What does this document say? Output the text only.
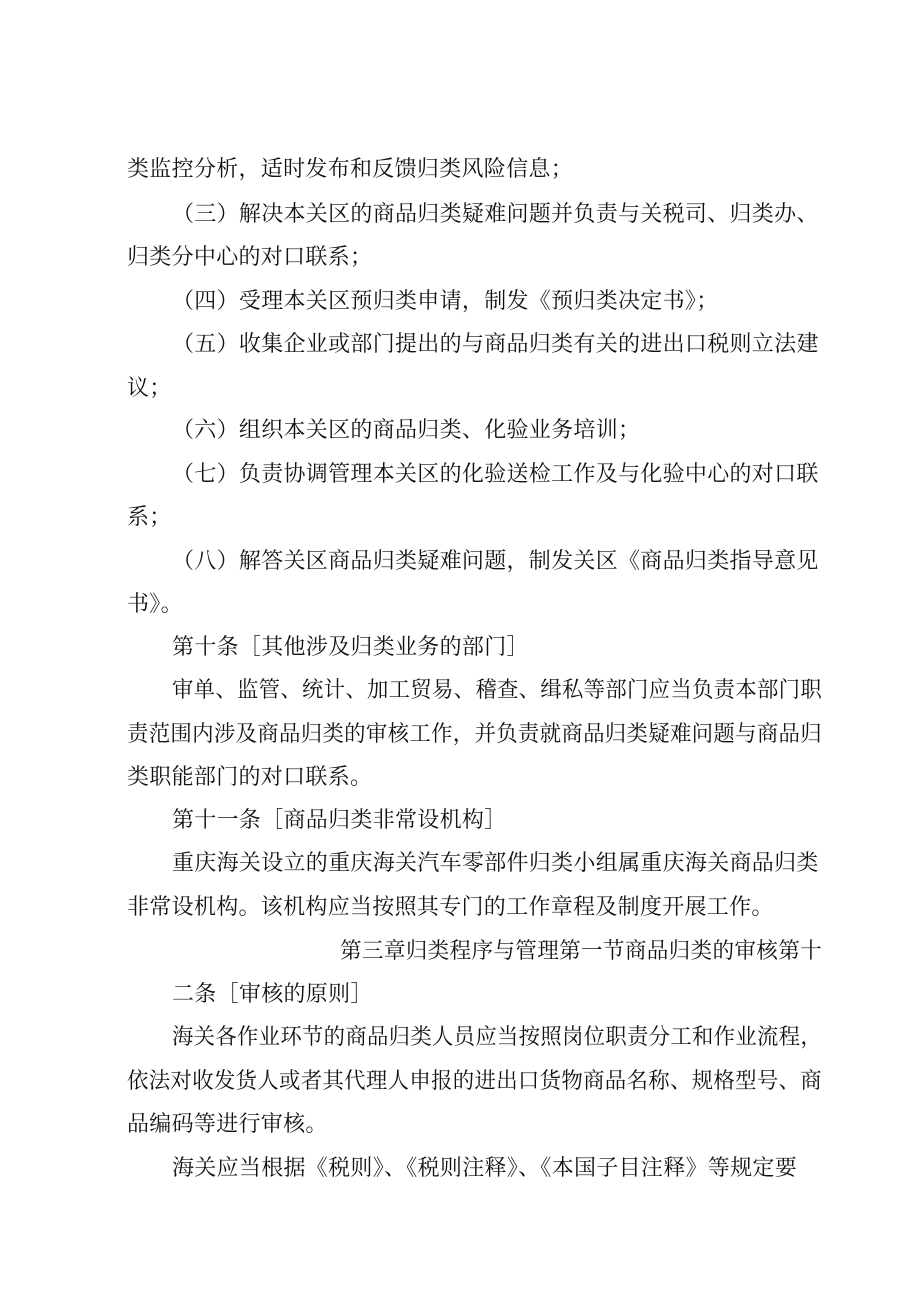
类监控分析，适时发布和反馈归类风险信息；
（三）解决本关区的商品归类疑难问题并负责与关税司、归类办、
归类分中心的对口联系；
（四）受理本关区预归类申请，制发《预归类决定书》；
（五）收集企业或部门提出的与商品归类有关的进出口税则立法建
议；
（六）组织本关区的商品归类、化验业务培训；
（七）负责协调管理本关区的化验送检工作及与化验中心的对口联
系；
（八）解答关区商品归类疑难问题，制发关区《商品归类指导意见
书》。
第十条［其他涉及归类业务的部门］
审单、监管、统计、加工贸易、稽查、缉私等部门应当负责本部门职
责范围内涉及商品归类的审核工作，并负责就商品归类疑难问题与商品归
类职能部门的对口联系。
第十一条［商品归类非常设机构］
重庆海关设立的重庆海关汽车零部件归类小组属重庆海关商品归类
非常设机构。该机构应当按照其专门的工作章程及制度开展工作。
第三章归类程序与管理第一节商品归类的审核第十
二条［审核的原则］
海关各作业环节的商品归类人员应当按照岗位职责分工和作业流程，
依法对收发货人或者其代理人申报的进出口货物商品名称、规格型号、商
品编码等进行审核。
海关应当根据《税则》、《税则注释》、《本国子目注释》等规定要
